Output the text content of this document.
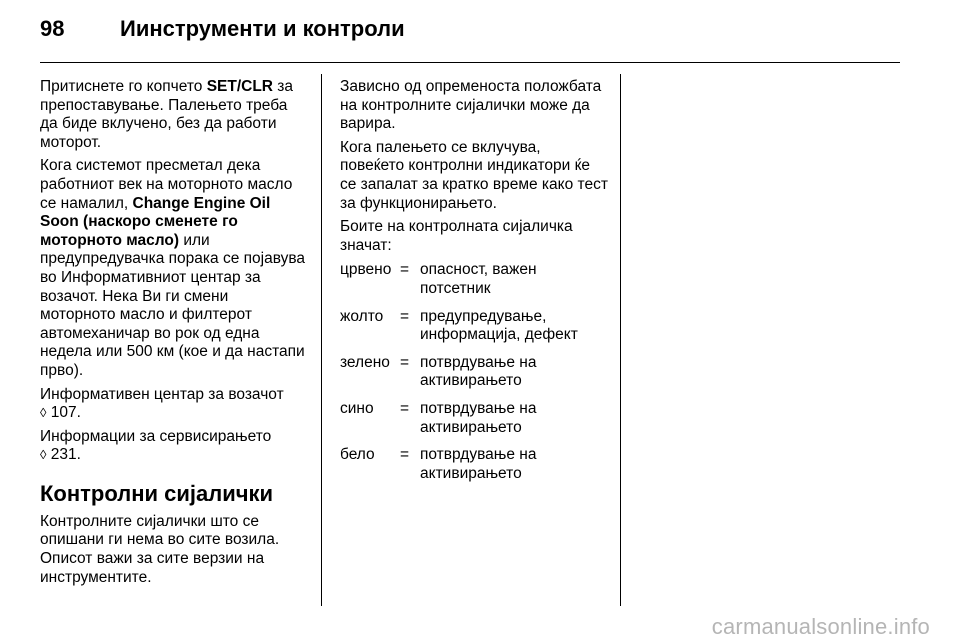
98	Иинструменти и контроли

Притиснете го копчето SET/CLR за препоставување. Палењето треба да биде вклучено, без да работи моторот.

Кога системот пресметал дека работниот век на моторното масло се намалил, Change Engine Oil Soon (наскоро сменете го моторното масло) или предупредувачка порака се појавува во Информативниот центар за возачот. Нека Ви ги смени моторното масло и филтерот автомеханичар во рок од една недела или 500 км (кое и да настапи прво).

Информативен центар за возачот
◊ 107.

Информации за сервисирањето
◊ 231.

Контролни сијалички

Контролните сијалички што се опишани ги нема во сите возила. Описот важи за сите верзии на инструментите.

Зависно од опременоста положбата на контролните сијалички може да варира.

Кога палењето се вклучува, повеќето контролни индикатори ќе се запалат за кратко време како тест за функционирањето.

Боите на контролната сијаличка значат:

црвено = опасност, важен потсетник
жолто	= предупредување, информација, дефект
зелено = потврдување на активирањето
сино	= потврдување на активирањето
бело	= потврдување на активирањето
carmanualsonline.info
